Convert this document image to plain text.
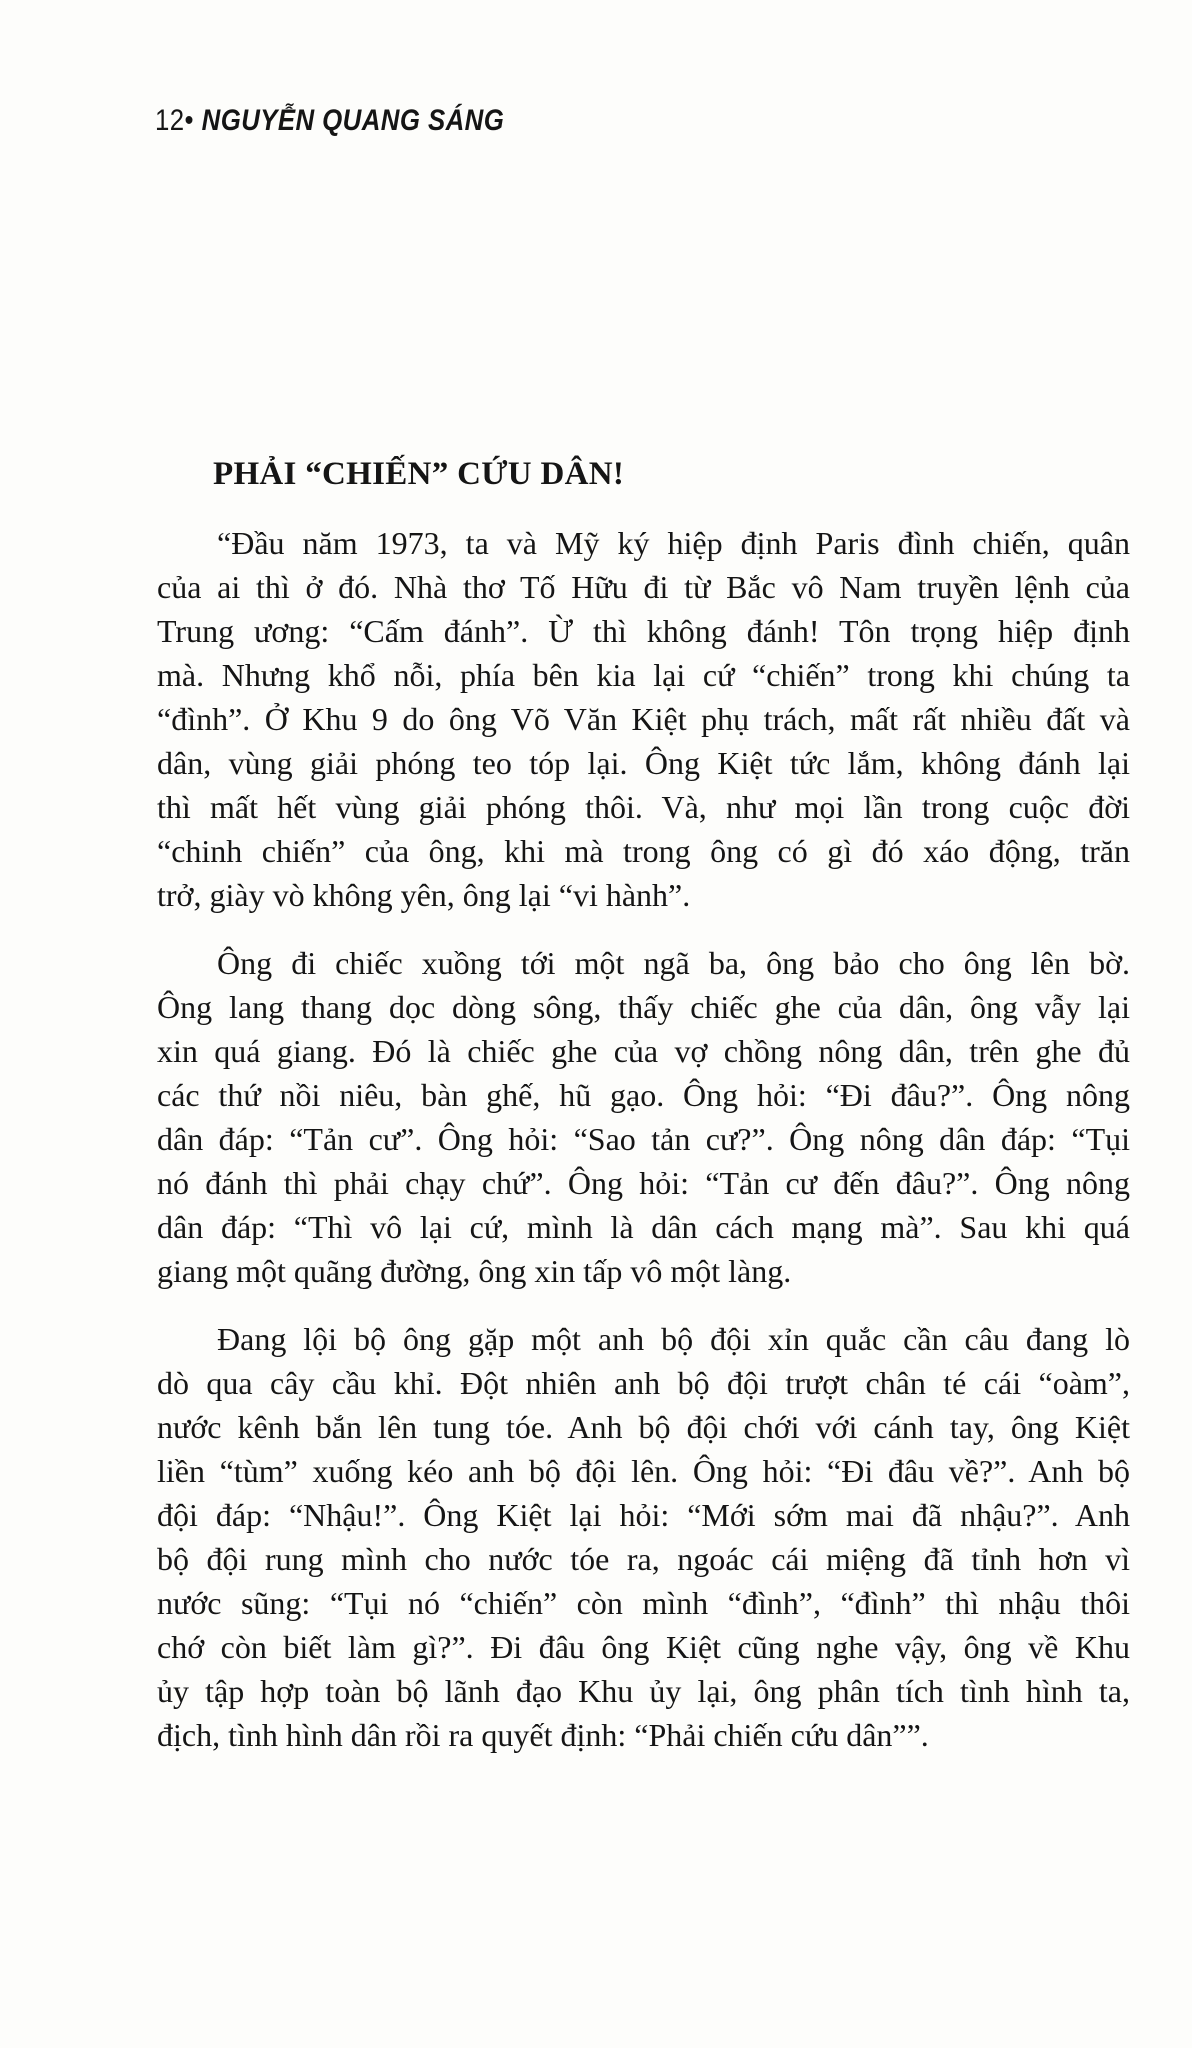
12• NGUYỄN QUANG SÁNG
PHẢI “CHIẾN” CỨU DÂN!
“Đầu năm 1973, ta và Mỹ ký hiệp định Paris đình chiến, quân
của ai thì ở đó. Nhà thơ Tố Hữu đi từ Bắc vô Nam truyền lệnh của
Trung ương: “Cấm đánh”. Ừ thì không đánh! Tôn trọng hiệp định
mà. Nhưng khổ nỗi, phía bên kia lại cứ “chiến” trong khi chúng ta
“đình”. Ở Khu 9 do ông Võ Văn Kiệt phụ trách, mất rất nhiều đất và
dân, vùng giải phóng teo tóp lại. Ông Kiệt tức lắm, không đánh lại
thì mất hết vùng giải phóng thôi. Và, như mọi lần trong cuộc đời
“chinh chiến” của ông, khi mà trong ông có gì đó xáo động, trăn
trở, giày vò không yên, ông lại “vi hành”.
Ông đi chiếc xuồng tới một ngã ba, ông bảo cho ông lên bờ.
Ông lang thang dọc dòng sông, thấy chiếc ghe của dân, ông vẫy lại
xin quá giang. Đó là chiếc ghe của vợ chồng nông dân, trên ghe đủ
các thứ nồi niêu, bàn ghế, hũ gạo. Ông hỏi: “Đi đâu?”. Ông nông
dân đáp: “Tản cư”. Ông hỏi: “Sao tản cư?”. Ông nông dân đáp: “Tụi
nó đánh thì phải chạy chứ”. Ông hỏi: “Tản cư đến đâu?”. Ông nông
dân đáp: “Thì vô lại cứ, mình là dân cách mạng mà”. Sau khi quá
giang một quãng đường, ông xin tấp vô một làng.
Đang lội bộ ông gặp một anh bộ đội xỉn quắc cần câu đang lò
dò qua cây cầu khỉ. Đột nhiên anh bộ đội trượt chân té cái “oàm”,
nước kênh bắn lên tung tóe. Anh bộ đội chới với cánh tay, ông Kiệt
liền “tùm” xuống kéo anh bộ đội lên. Ông hỏi: “Đi đâu về?”. Anh bộ
đội đáp: “Nhậu!”. Ông Kiệt lại hỏi: “Mới sớm mai đã nhậu?”. Anh
bộ đội rung mình cho nước tóe ra, ngoác cái miệng đã tỉnh hơn vì
nước sũng: “Tụi nó “chiến” còn mình “đình”, “đình” thì nhậu thôi
chớ còn biết làm gì?”. Đi đâu ông Kiệt cũng nghe vậy, ông về Khu
ủy tập hợp toàn bộ lãnh đạo Khu ủy lại, ông phân tích tình hình ta,
địch, tình hình dân rồi ra quyết định: “Phải chiến cứu dân””.
